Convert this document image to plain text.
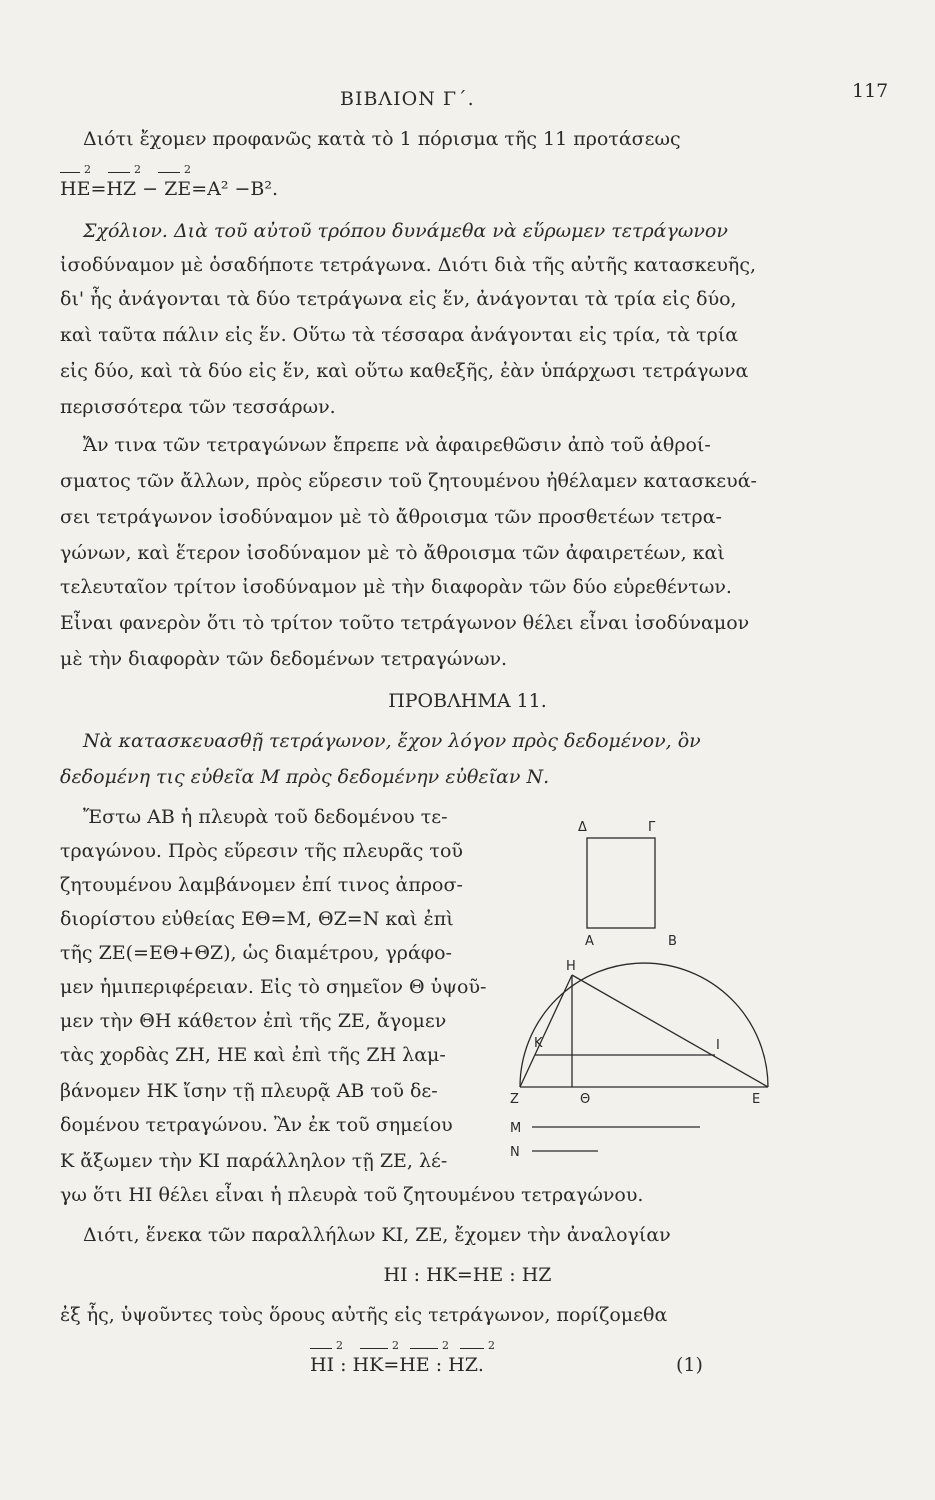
ΒΙΒΛΙΟΝ Γ΄.	117
Διότι ἔχομεν προφανῶς κατὰ τὸ 1 πόρισμα τῆς 11 προτάσεως
2	2	2
ΗΕ=ΗΖ − ΖΕ=Α² −Β².
Σχόλιον. Διὰ τοῦ αὐτοῦ τρόπου δυνάμεθα νὰ εὕρωμεν τετράγωνον
ἰσοδύναμον μὲ ὁσαδήποτε τετράγωνα. Διότι διὰ τῆς αὐτῆς κατασκευῆς,
δι' ἧς ἀνάγονται τὰ δύο τετράγωνα εἰς ἕν, ἀνάγονται τὰ τρία εἰς δύο,
καὶ ταῦτα πάλιν εἰς ἕν. Οὕτω τὰ τέσσαρα ἀνάγονται εἰς τρία, τὰ τρία
εἰς δύο, καὶ τὰ δύο εἰς ἕν, καὶ οὕτω καθεξῆς, ἐὰν ὑπάρχωσι τετράγωνα
περισσότερα τῶν τεσσάρων.
Ἄν τινα τῶν τετραγώνων ἔπρεπε νὰ ἀφαιρεθῶσιν ἀπὸ τοῦ ἀθροί-
σματος τῶν ἄλλων, πρὸς εὕρεσιν τοῦ ζητουμένου ἠθέλαμεν κατασκευά-
σει τετράγωνον ἰσοδύναμον μὲ τὸ ἄθροισμα τῶν προσθετέων τετρα-
γώνων, καὶ ἕτερον ἰσοδύναμον μὲ τὸ ἄθροισμα τῶν ἀφαιρετέων, καὶ
τελευταῖον τρίτον ἰσοδύναμον μὲ τὴν διαφορὰν τῶν δύο εὑρεθέντων.
Εἶναι φανερὸν ὅτι τὸ τρίτον τοῦτο τετράγωνον θέλει εἶναι ἰσοδύναμον
μὲ τὴν διαφορὰν τῶν δεδομένων τετραγώνων.
ΠΡΟΒΛΗΜΑ 11.
Νὰ κατασκευασθῇ τετράγωνον, ἔχον λόγον πρὸς δεδομένον, ὃν
δεδομένη τις εὐθεῖα Μ πρὸς δεδομένην εὐθεῖαν Ν.
Ἔστω ΑΒ ἡ πλευρὰ τοῦ δεδομένου τε-
τραγώνου. Πρὸς εὕρεσιν τῆς πλευρᾶς τοῦ
ζητουμένου λαμβάνομεν ἐπί τινος ἀπροσ-
διορίστου εὐθείας ΕΘ=Μ, ΘΖ=Ν καὶ ἐπὶ
τῆς ΖΕ(=ΕΘ+ΘΖ), ὡς διαμέτρου, γράφο-
μεν ἡμιπεριφέρειαν. Εἰς τὸ σημεῖον Θ ὑψοῦ-
μεν τὴν ΘΗ κάθετον ἐπὶ τῆς ΖΕ, ἄγομεν
τὰς χορδὰς ΖΗ, ΗΕ καὶ ἐπὶ τῆς ΖΗ λαμ-
βάνομεν ΗΚ ἴσην τῇ πλευρᾷ ΑΒ τοῦ δε-
δομένου τετραγώνου. Ἂν ἐκ τοῦ σημείου
Κ ἄξωμεν τὴν ΚΙ παράλληλον τῇ ΖΕ, λέ-
γω ὅτι ΗΙ θέλει εἶναι ἡ πλευρὰ τοῦ ζητουμένου τετραγώνου.
Δ	Γ
Α	Β
Η
Κ	Ι
Ζ	Θ	Ε
Μ
Ν
Διότι, ἕνεκα τῶν παραλλήλων ΚΙ, ΖΕ, ἔχομεν τὴν ἀναλογίαν
ΗΙ : ΗΚ=ΗΕ : ΗΖ
ἐξ ἧς, ὑψοῦντες τοὺς ὅρους αὐτῆς εἰς τετράγωνον, πορίζομεθα
2	2	2	2
ΗΙ : ΗΚ=ΗΕ : ΗΖ.	(1)
